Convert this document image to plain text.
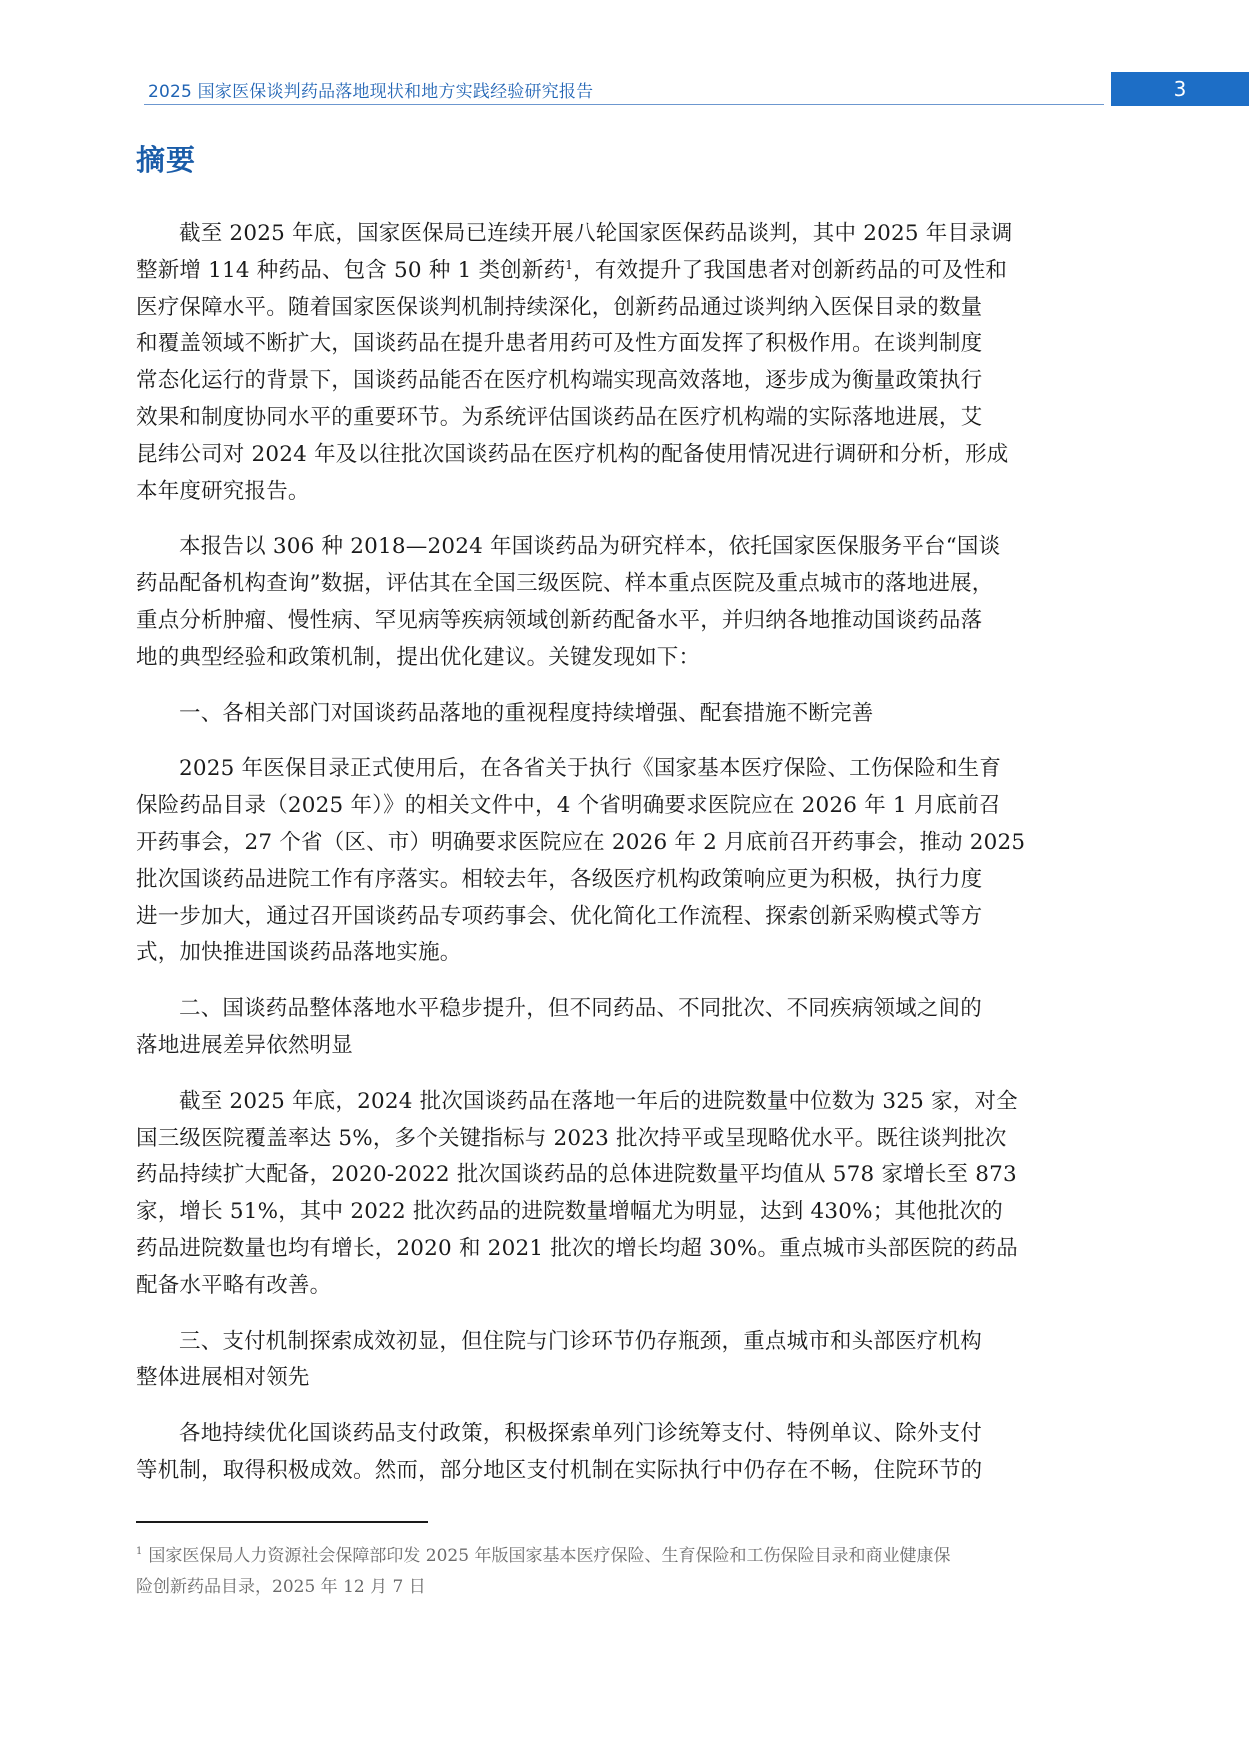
2025 国家医保谈判药品落地现状和地方实践经验研究报告	3
摘要

截至 2025 年底，国家医保局已连续开展八轮国家医保药品谈判，其中 2025 年目录调
整新增 114 种药品、包含 50 种 1 类创新药$^1$，有效提升了我国患者对创新药品的可及性和
医疗保障水平。随着国家医保谈判机制持续深化，创新药品通过谈判纳入医保目录的数量
和覆盖领域不断扩大，国谈药品在提升患者用药可及性方面发挥了积极作用。在谈判制度
常态化运行的背景下，国谈药品能否在医疗机构端实现高效落地，逐步成为衡量政策执行
效果和制度协同水平的重要环节。为系统评估国谈药品在医疗机构端的实际落地进展，艾
昆纬公司对 2024 年及以往批次国谈药品在医疗机构的配备使用情况进行调研和分析，形成
本年度研究报告。

本报告以 306 种 2018—2024 年国谈药品为研究样本，依托国家医保服务平台“国谈
药品配备机构查询”数据，评估其在全国三级医院、样本重点医院及重点城市的落地进展，
重点分析肿瘤、慢性病、罕见病等疾病领域创新药配备水平，并归纳各地推动国谈药品落
地的典型经验和政策机制，提出优化建议。关键发现如下：

一、各相关部门对国谈药品落地的重视程度持续增强、配套措施不断完善

2025 年医保目录正式使用后，在各省关于执行《国家基本医疗保险、工伤保险和生育
保险药品目录（2025 年）》的相关文件中，4 个省明确要求医院应在 2026 年 1 月底前召
开药事会，27 个省（区、市）明确要求医院应在 2026 年 2 月底前召开药事会，推动 2025
批次国谈药品进院工作有序落实。相较去年，各级医疗机构政策响应更为积极，执行力度
进一步加大，通过召开国谈药品专项药事会、优化简化工作流程、探索创新采购模式等方
式，加快推进国谈药品落地实施。

二、国谈药品整体落地水平稳步提升，但不同药品、不同批次、不同疾病领域之间的
落地进展差异依然明显

截至 2025 年底，2024 批次国谈药品在落地一年后的进院数量中位数为 325 家，对全
国三级医院覆盖率达 5%，多个关键指标与 2023 批次持平或呈现略优水平。既往谈判批次
药品持续扩大配备，2020-2022 批次国谈药品的总体进院数量平均值从 578 家增长至 873
家，增长 51%，其中 2022 批次药品的进院数量增幅尤为明显，达到 430%；其他批次的
药品进院数量也均有增长，2020 和 2021 批次的增长均超 30%。重点城市头部医院的药品
配备水平略有改善。

三、支付机制探索成效初显，但住院与门诊环节仍存瓶颈，重点城市和头部医疗机构
整体进展相对领先

各地持续优化国谈药品支付政策，积极探索单列门诊统筹支付、特例单议、除外支付
等机制，取得积极成效。然而，部分地区支付机制在实际执行中仍存在不畅，住院环节的

$^1$ 国家医保局人力资源社会保障部印发 2025 年版国家基本医疗保险、生育保险和工伤保险目录和商业健康保
险创新药品目录，2025 年 12 月 7 日
